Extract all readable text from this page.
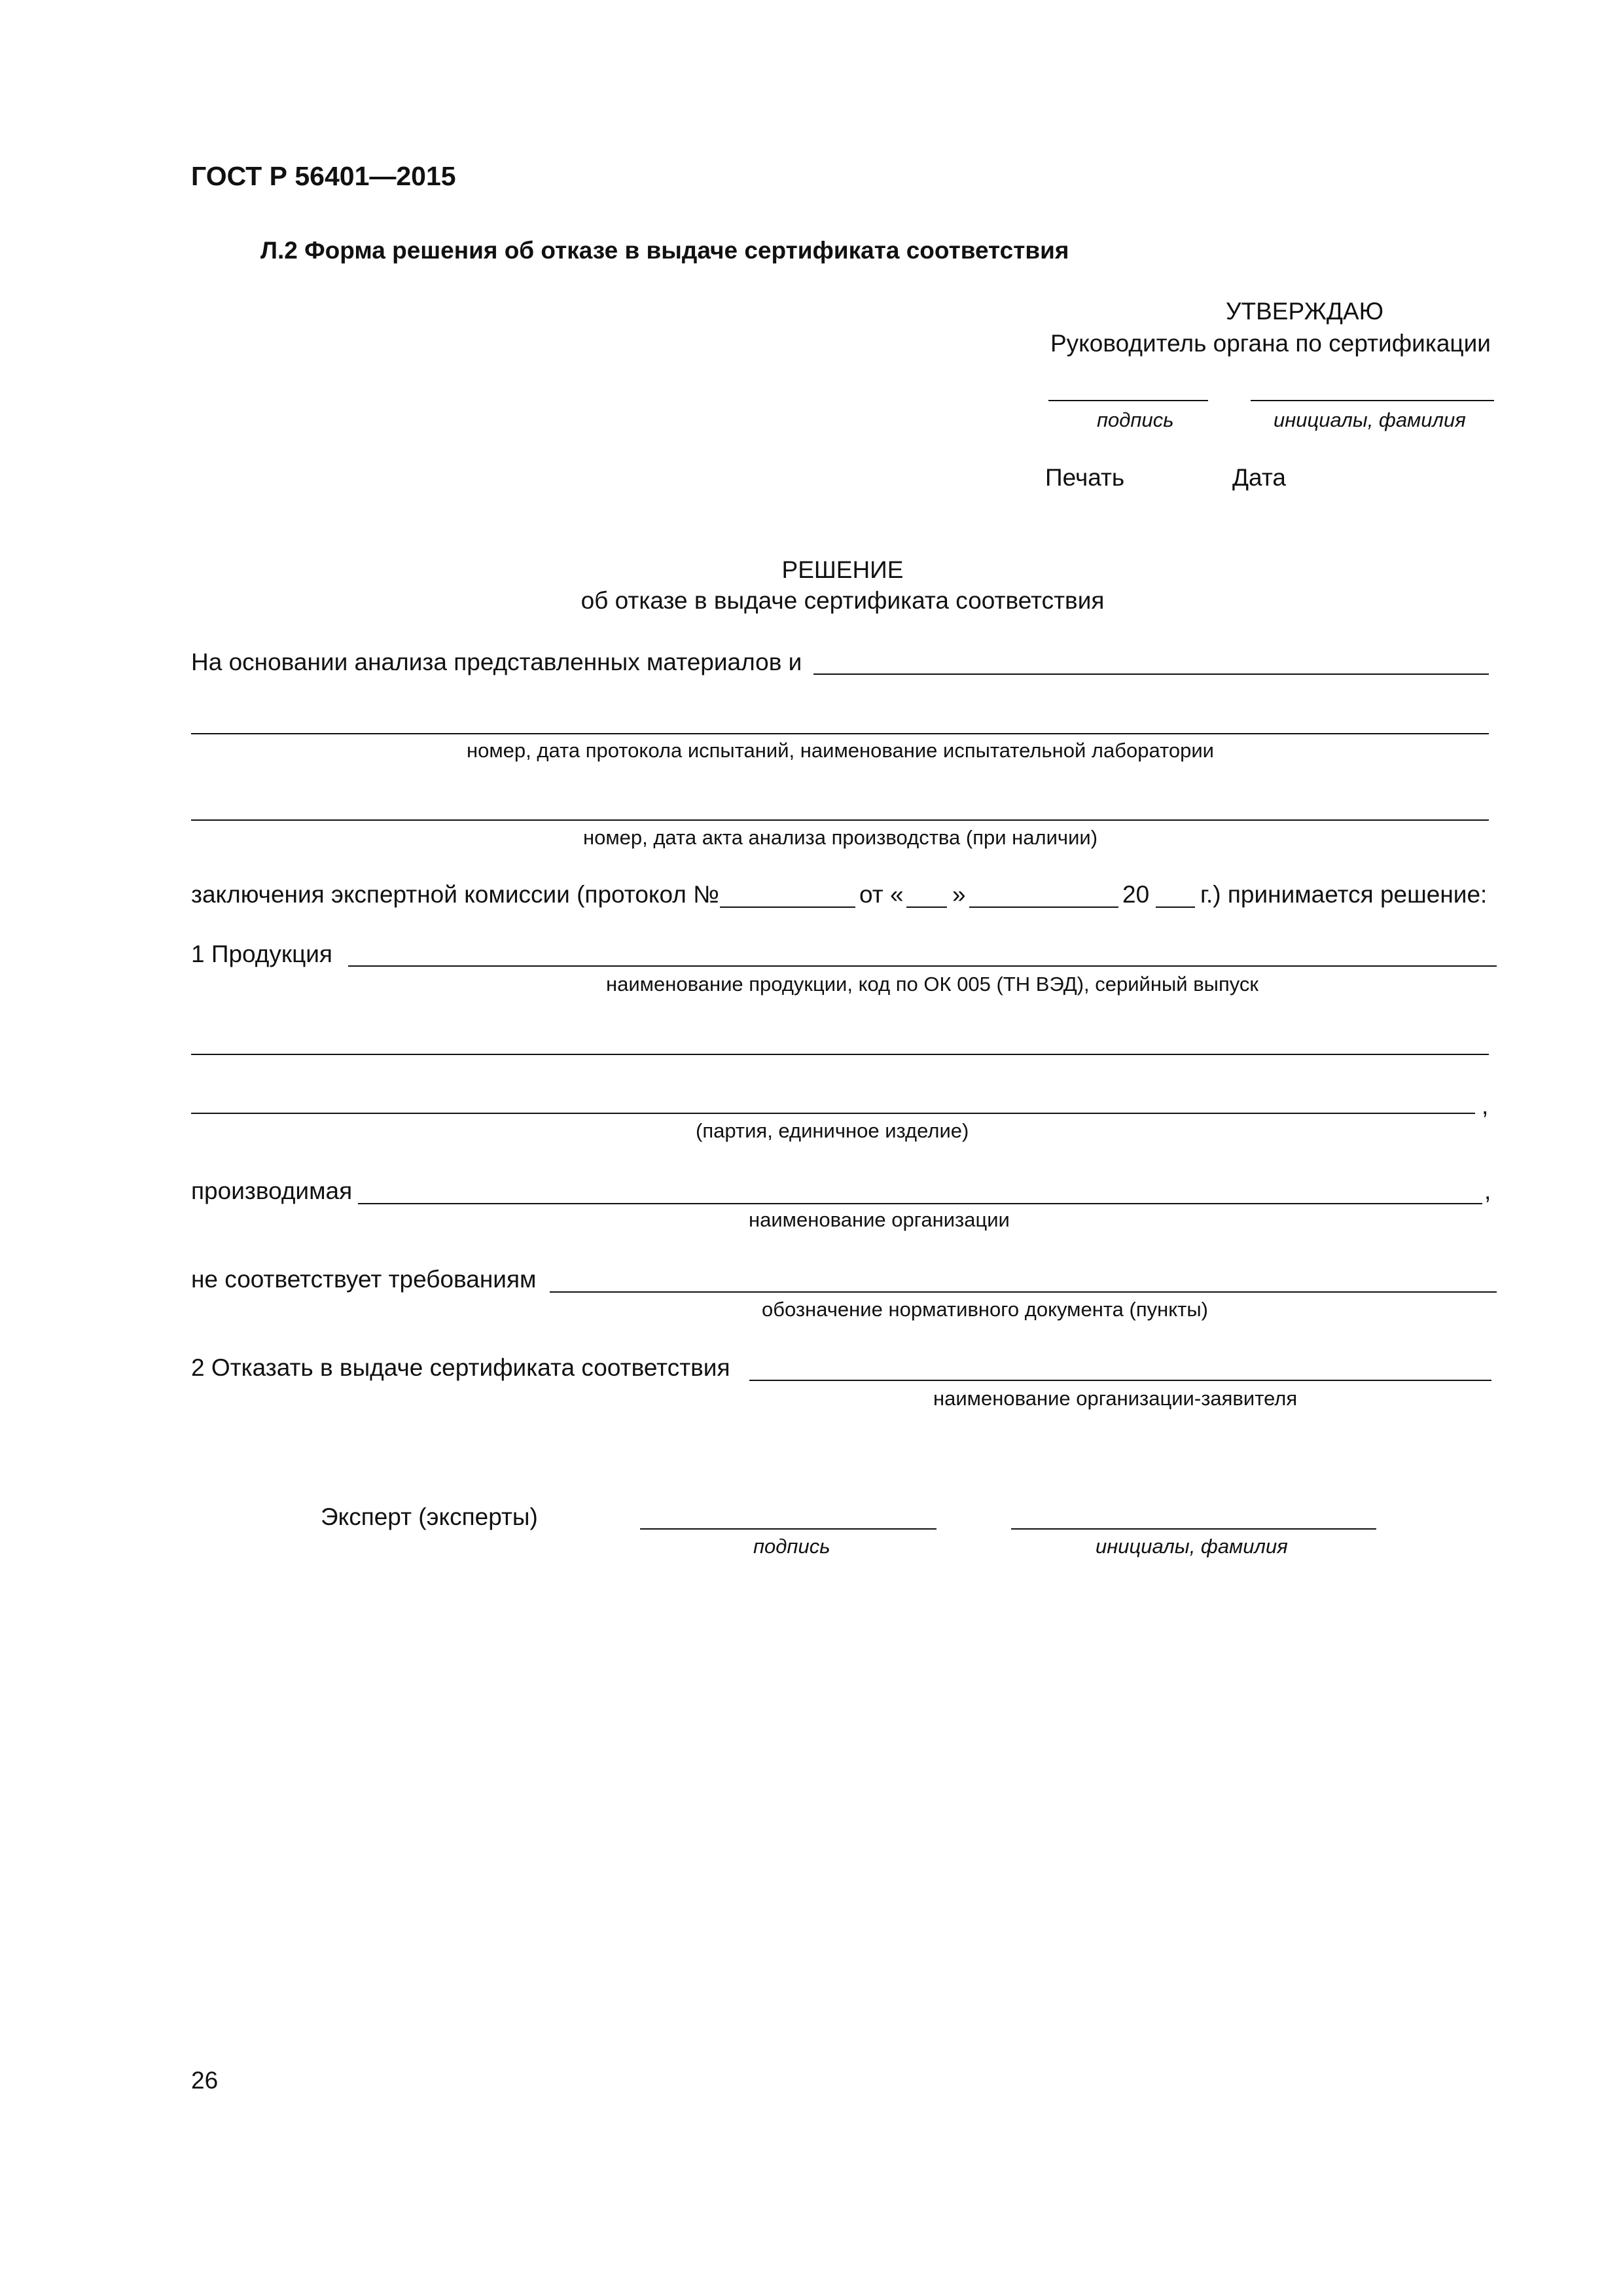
ГОСТ Р 56401—2015
Л.2 Форма решения об отказе в выдаче сертификата соответствия
УТВЕРЖДАЮ
Руководитель органа по сертификации
подпись	инициалы, фамилия
Печать	Дата
РЕШЕНИЕ
об отказе в выдаче сертификата соответствия
На основании анализа представленных материалов и
номер, дата протокола испытаний, наименование испытательной лаборатории
номер, дата акта анализа производства (при наличии)
заключения экспертной комиссии (протокол №	от « »	20 г.) принимается решение:
1 Продукция
наименование продукции, код по ОК 005 (ТН ВЭД), серийный выпуск
,
(партия, единичное изделие)
производимая	,
наименование организации
не соответствует требованиям
обозначение нормативного документа (пункты)
2 Отказать в выдаче сертификата соответствия
наименование организации-заявителя
Эксперт (эксперты)
подпись	инициалы, фамилия
26
